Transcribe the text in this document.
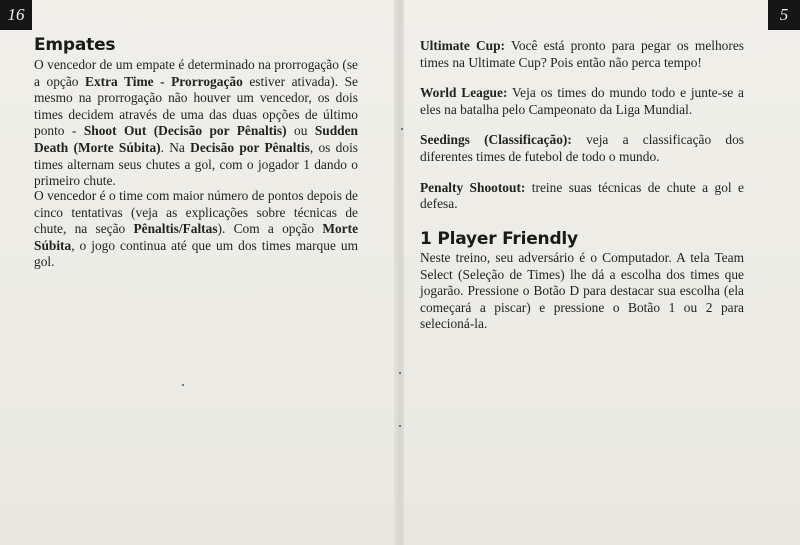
16	5
Empates

O vencedor de um empate é determinado na prorrogação (se a opção Extra Time - Prorrogação estiver ativada). Se mesmo na prorrogação não houver um vencedor, os dois times decidem através de uma das duas opções de último ponto - Shoot Out (Decisão por Pênaltis) ou Sudden Death (Morte Súbita). Na Decisão por Pênaltis, os dois times alternam seus chutes a gol, com o jogador 1 dando o primeiro chute.

O vencedor é o time com maior número de pontos depois de cinco tentativas (veja as explicações sobre técnicas de chute, na seção Pênaltis/Faltas). Com a opção Morte Súbita, o jogo continua até que um dos times marque um gol.

Ultimate Cup: Você está pronto para pegar os melhores times na Ultimate Cup? Pois então não perca tempo!

World League: Veja os times do mundo todo e junte-se a eles na batalha pelo Campeonato da Liga Mundial.

Seedings (Classificação): veja a classificação dos diferentes times de futebol de todo o mundo.

Penalty Shootout: treine suas técnicas de chute a gol e defesa.

1 Player Friendly

Neste treino, seu adversário é o Computador. A tela Team Select (Seleção de Times) lhe dá a escolha dos times que jogarão. Pressione o Botão D para destacar sua escolha (ela começará a piscar) e pressione o Botão 1 ou 2 para selecioná-la.
